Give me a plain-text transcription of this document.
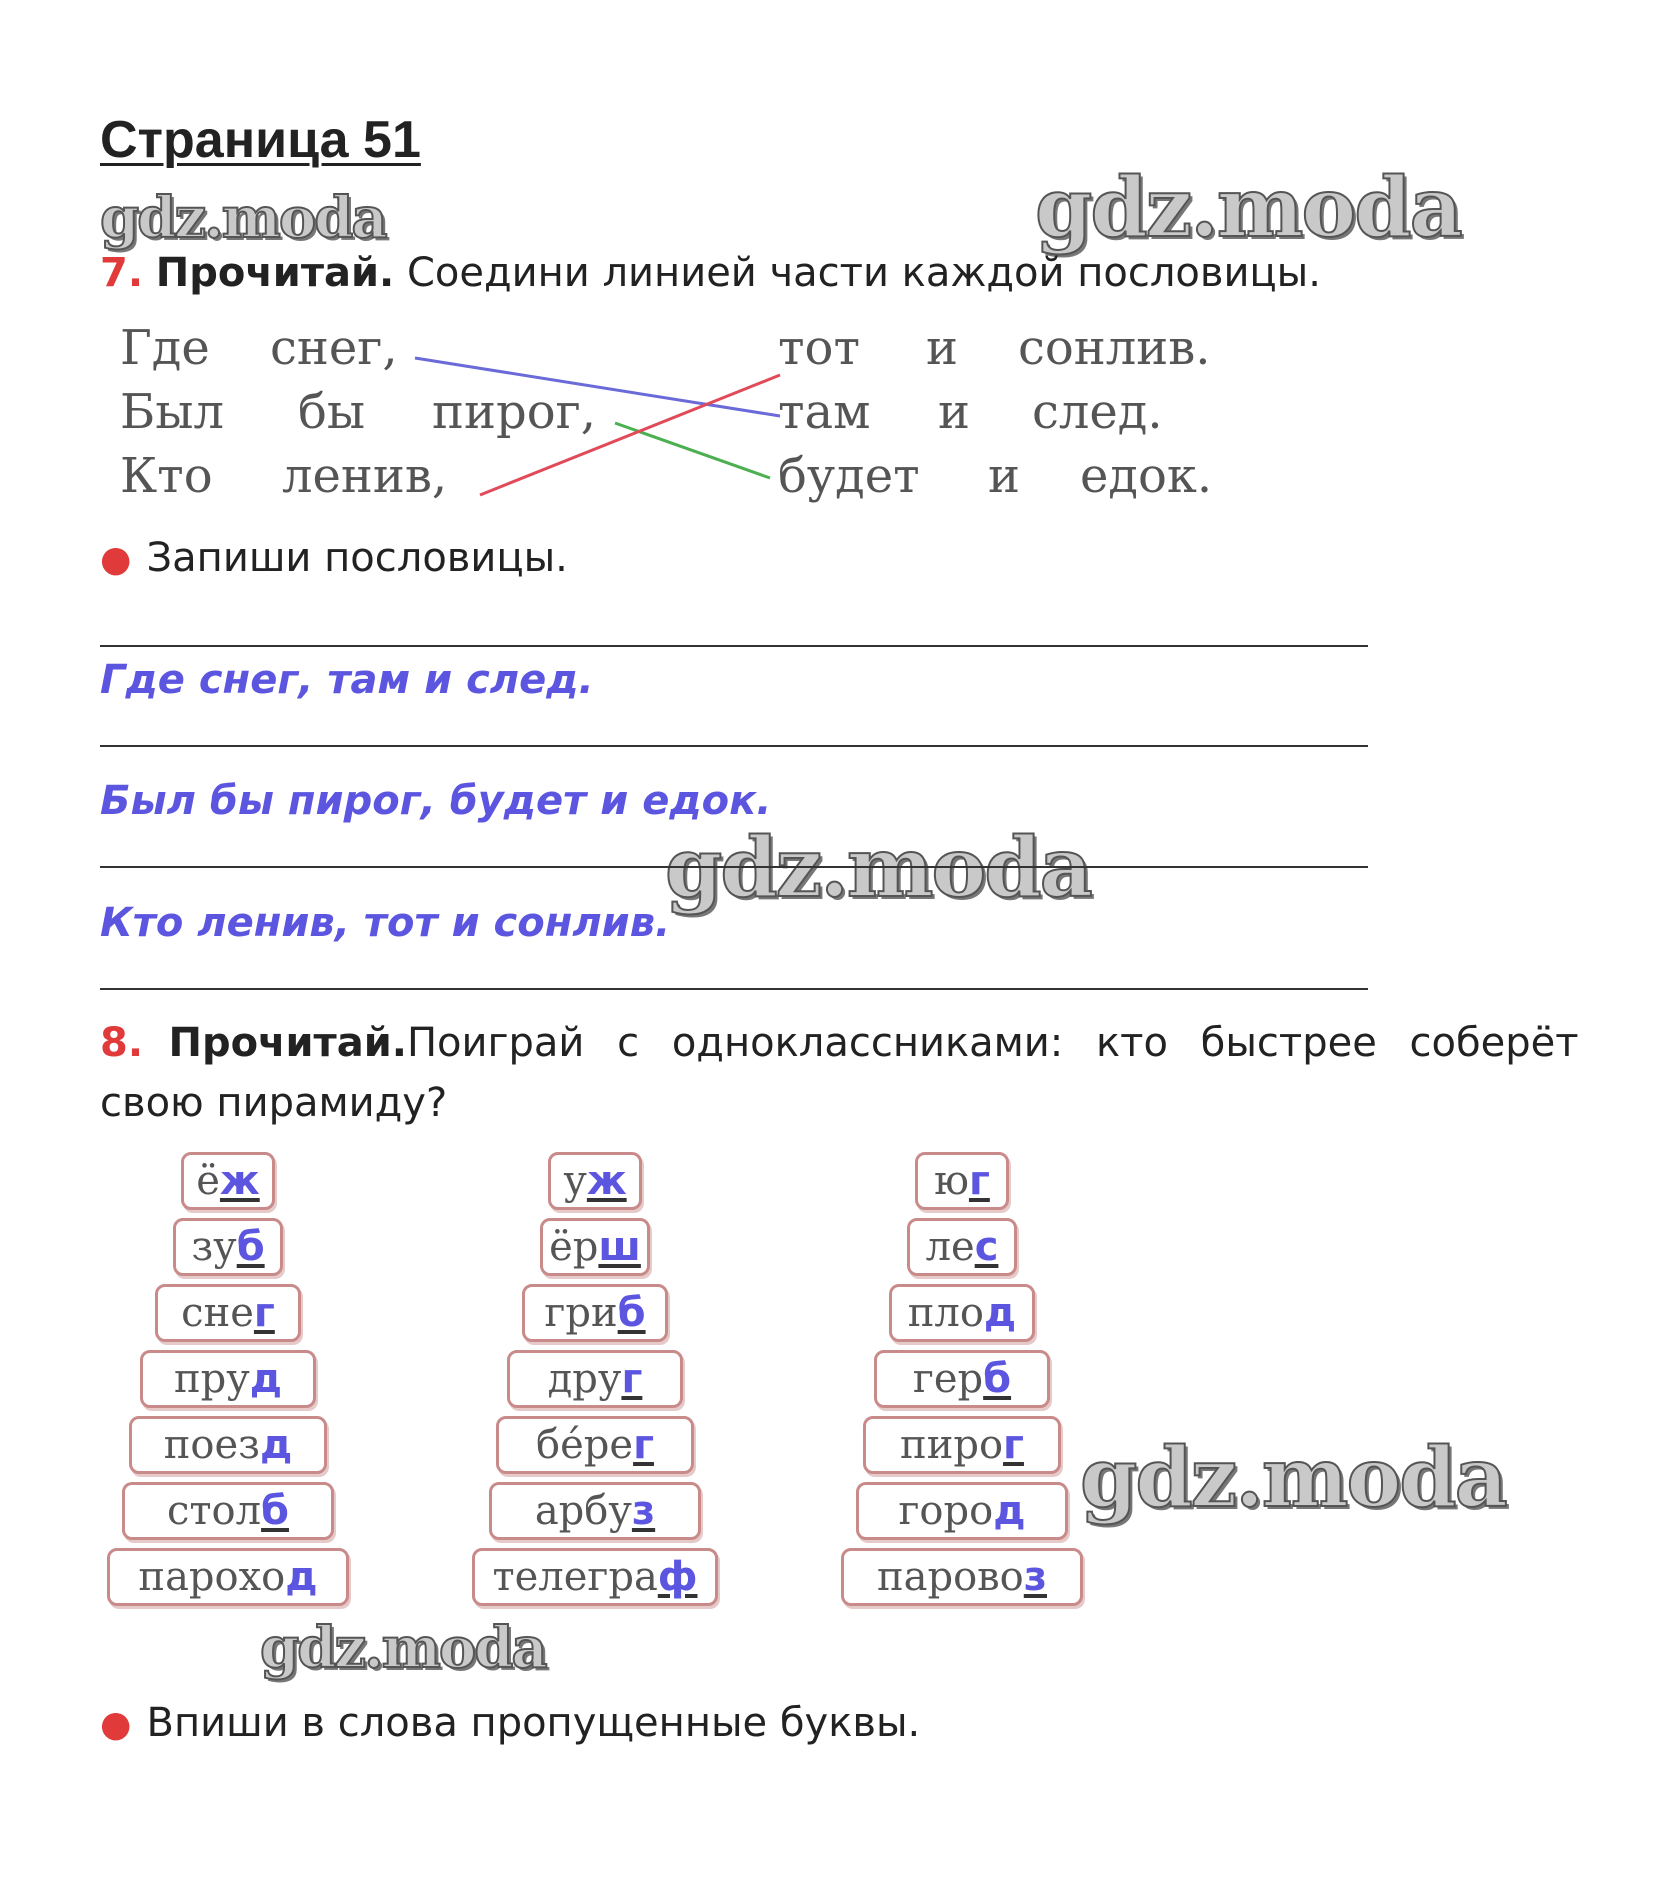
Страница 51
gdz.moda	gdz.moda
gdz.moda
gdz.moda
gdz.moda
7. Прочитай. Соедини линией части каждой пословицы.
Где снег,
Был бы пирог,
Кто ленив,
тот и сонлив.
там и след.
будет и едок.
● Запиши пословицы.
Где снег, там и след.
Был бы пирог, будет и едок.
Кто ленив, тот и сонлив.
8. Прочитай. Поиграй с одноклассниками: кто быстрее соберёт
свою пирамиду?
ё ж
зу б
сне г
пру д
поез д
стол б
парохо д
у ж
ёр ш
гри б
дру г
бе́ре г
арбу з
телегра ф
ю г
ле с
пло д
гер б
пиро г
горо д
парово з
● Впиши в слова пропущенные буквы.
